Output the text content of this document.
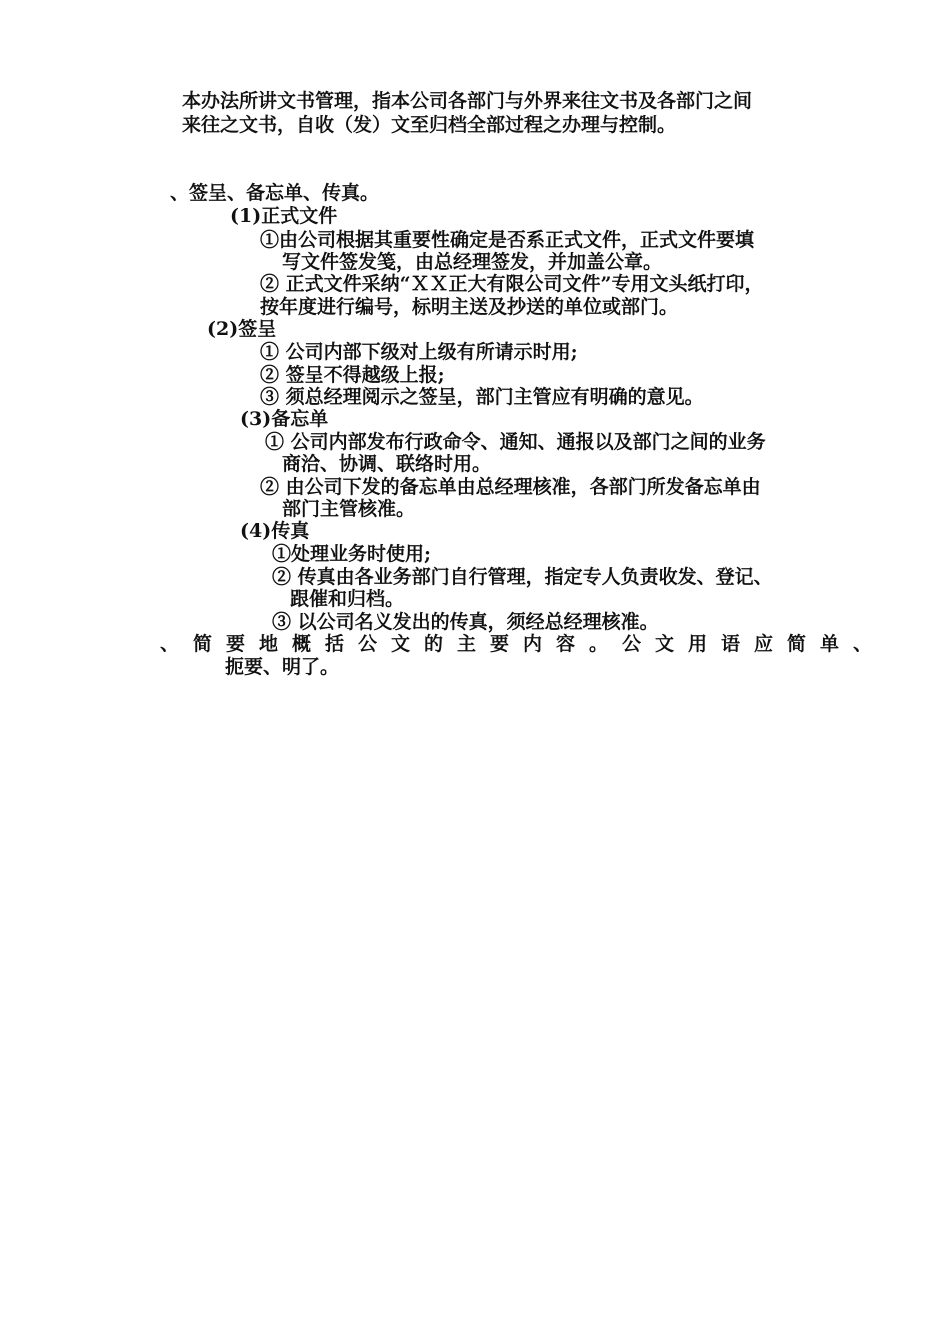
本办法所讲文书管理，指本公司各部门与外界来往文书及各部门之间
来往之文书，自收（发）文至归档全部过程之办理与控制。
、签呈、备忘单、传真。
(1)正式文件
①由公司根据其重要性确定是否系正式文件，正式文件要填
写文件签发笺，由总经理签发，并加盖公章。
② 正式文件采纳“ＸＸ正大有限公司文件”专用文头纸打印，
按年度进行编号，标明主送及抄送的单位或部门。
(2)签呈
① 公司内部下级对上级有所请示时用;
② 签呈不得越级上报;
③ 须总经理阅示之签呈，部门主管应有明确的意见。
(3)备忘单
① 公司内部发布行政命令、通知、通报以及部门之间的业务
商洽、协调、联络时用。
② 由公司下发的备忘单由总经理核准，各部门所发备忘单由
部门主管核准。
(4)传真
①处理业务时使用;
② 传真由各业务部门自行管理，指定专人负责收发、登记、
跟催和归档。
③ 以公司名义发出的传真，须经总经理核准。
、简要地概括公文的主要内容。公文用语应简单、
扼要、明了。
